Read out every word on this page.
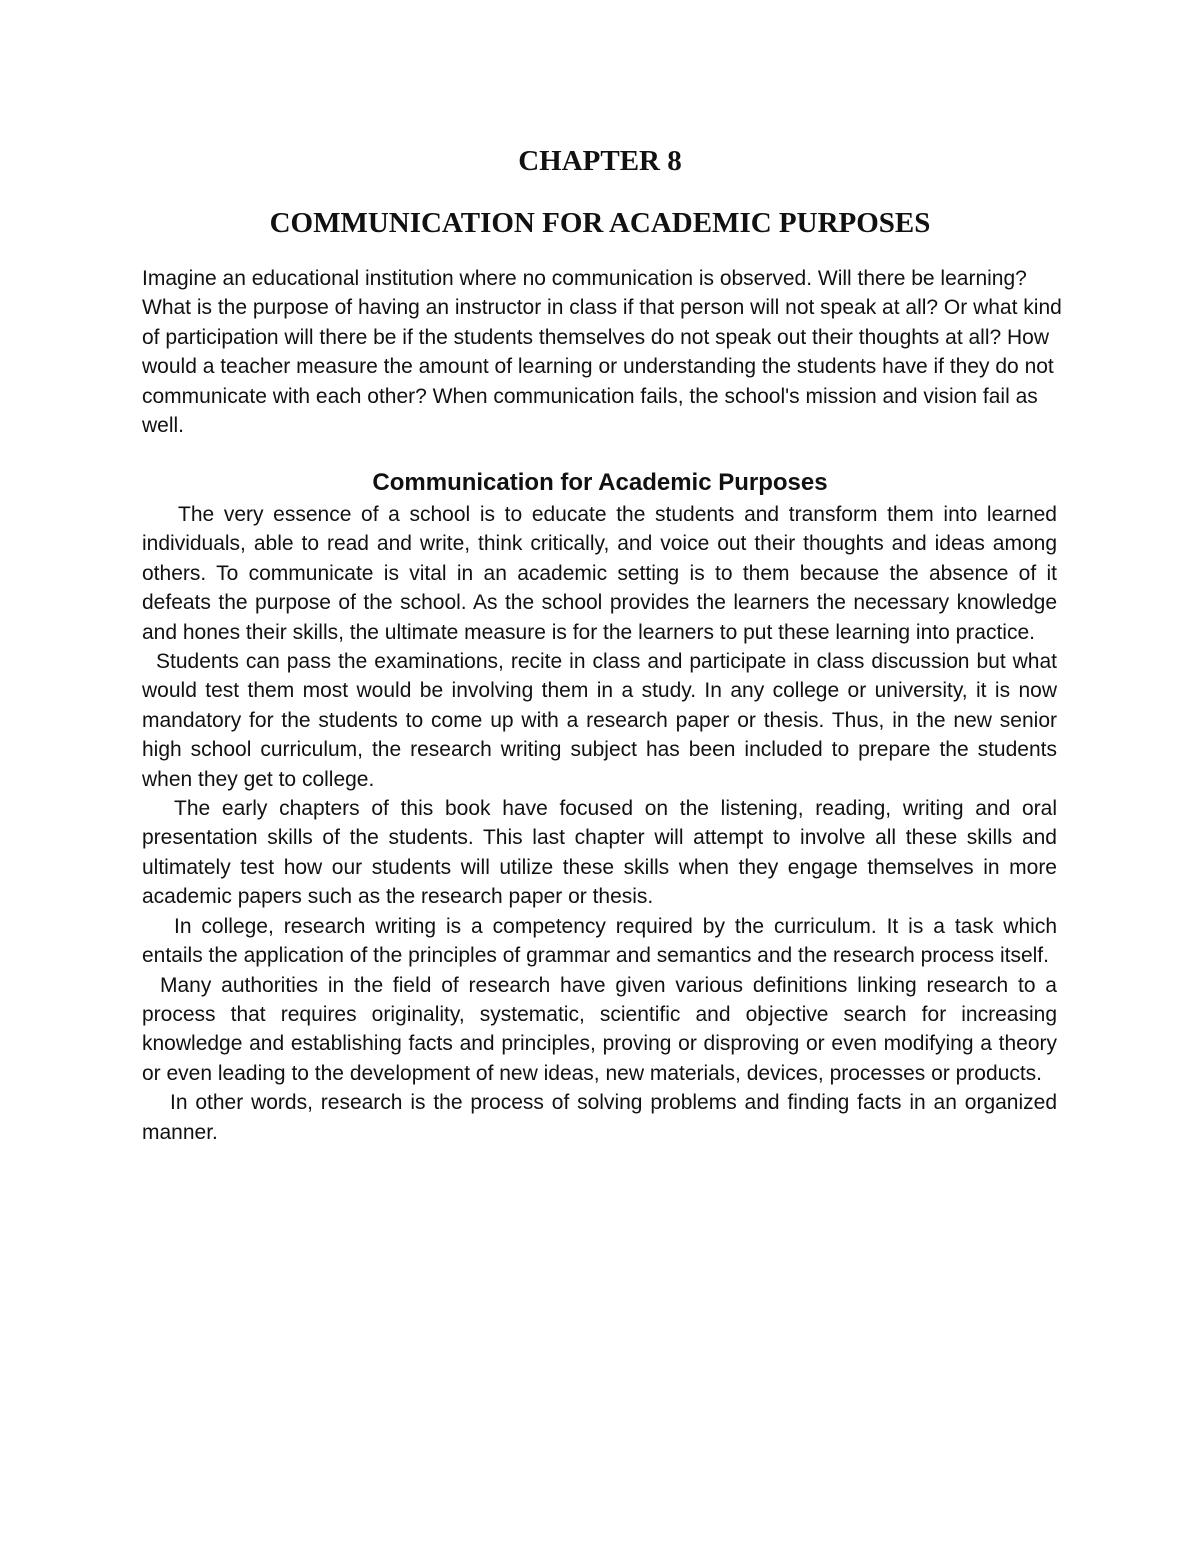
CHAPTER 8
COMMUNICATION FOR ACADEMIC PURPOSES

Imagine an educational institution where no communication is observed. Will there be learning? What is the purpose of having an instructor in class if that person will not speak at all? Or what kind of participation will there be if the students themselves do not speak out their thoughts at all? How would a teacher measure the amount of learning or understanding the students have if they do not communicate with each other? When communication fails, the school's mission and vision fail as well.

Communication for Academic Purposes

The very essence of a school is to educate the students and transform them into learned individuals, able to read and write, think critically, and voice out their thoughts and ideas among others. To communicate is vital in an academic setting is to them because the absence of it defeats the purpose of the school. As the school provides the learners the necessary knowledge and hones their skills, the ultimate measure is for the learners to put these learning into practice.

Students can pass the examinations, recite in class and participate in class discussion but what would test them most would be involving them in a study. In any college or university, it is now mandatory for the students to come up with a research paper or thesis. Thus, in the new senior high school curriculum, the research writing subject has been included to prepare the students when they get to college.

The early chapters of this book have focused on the listening, reading, writing and oral presentation skills of the students. This last chapter will attempt to involve all these skills and ultimately test how our students will utilize these skills when they engage themselves in more academic papers such as the research paper or thesis.

In college, research writing is a competency required by the curriculum. It is a task which entails the application of the principles of grammar and semantics and the research process itself.

Many authorities in the field of research have given various definitions linking research to a process that requires originality, systematic, scientific and objective search for increasing knowledge and establishing facts and principles, proving or disproving or even modifying a theory or even leading to the development of new ideas, new materials, devices, processes or products.

In other words, research is the process of solving problems and finding facts in an organized manner.
